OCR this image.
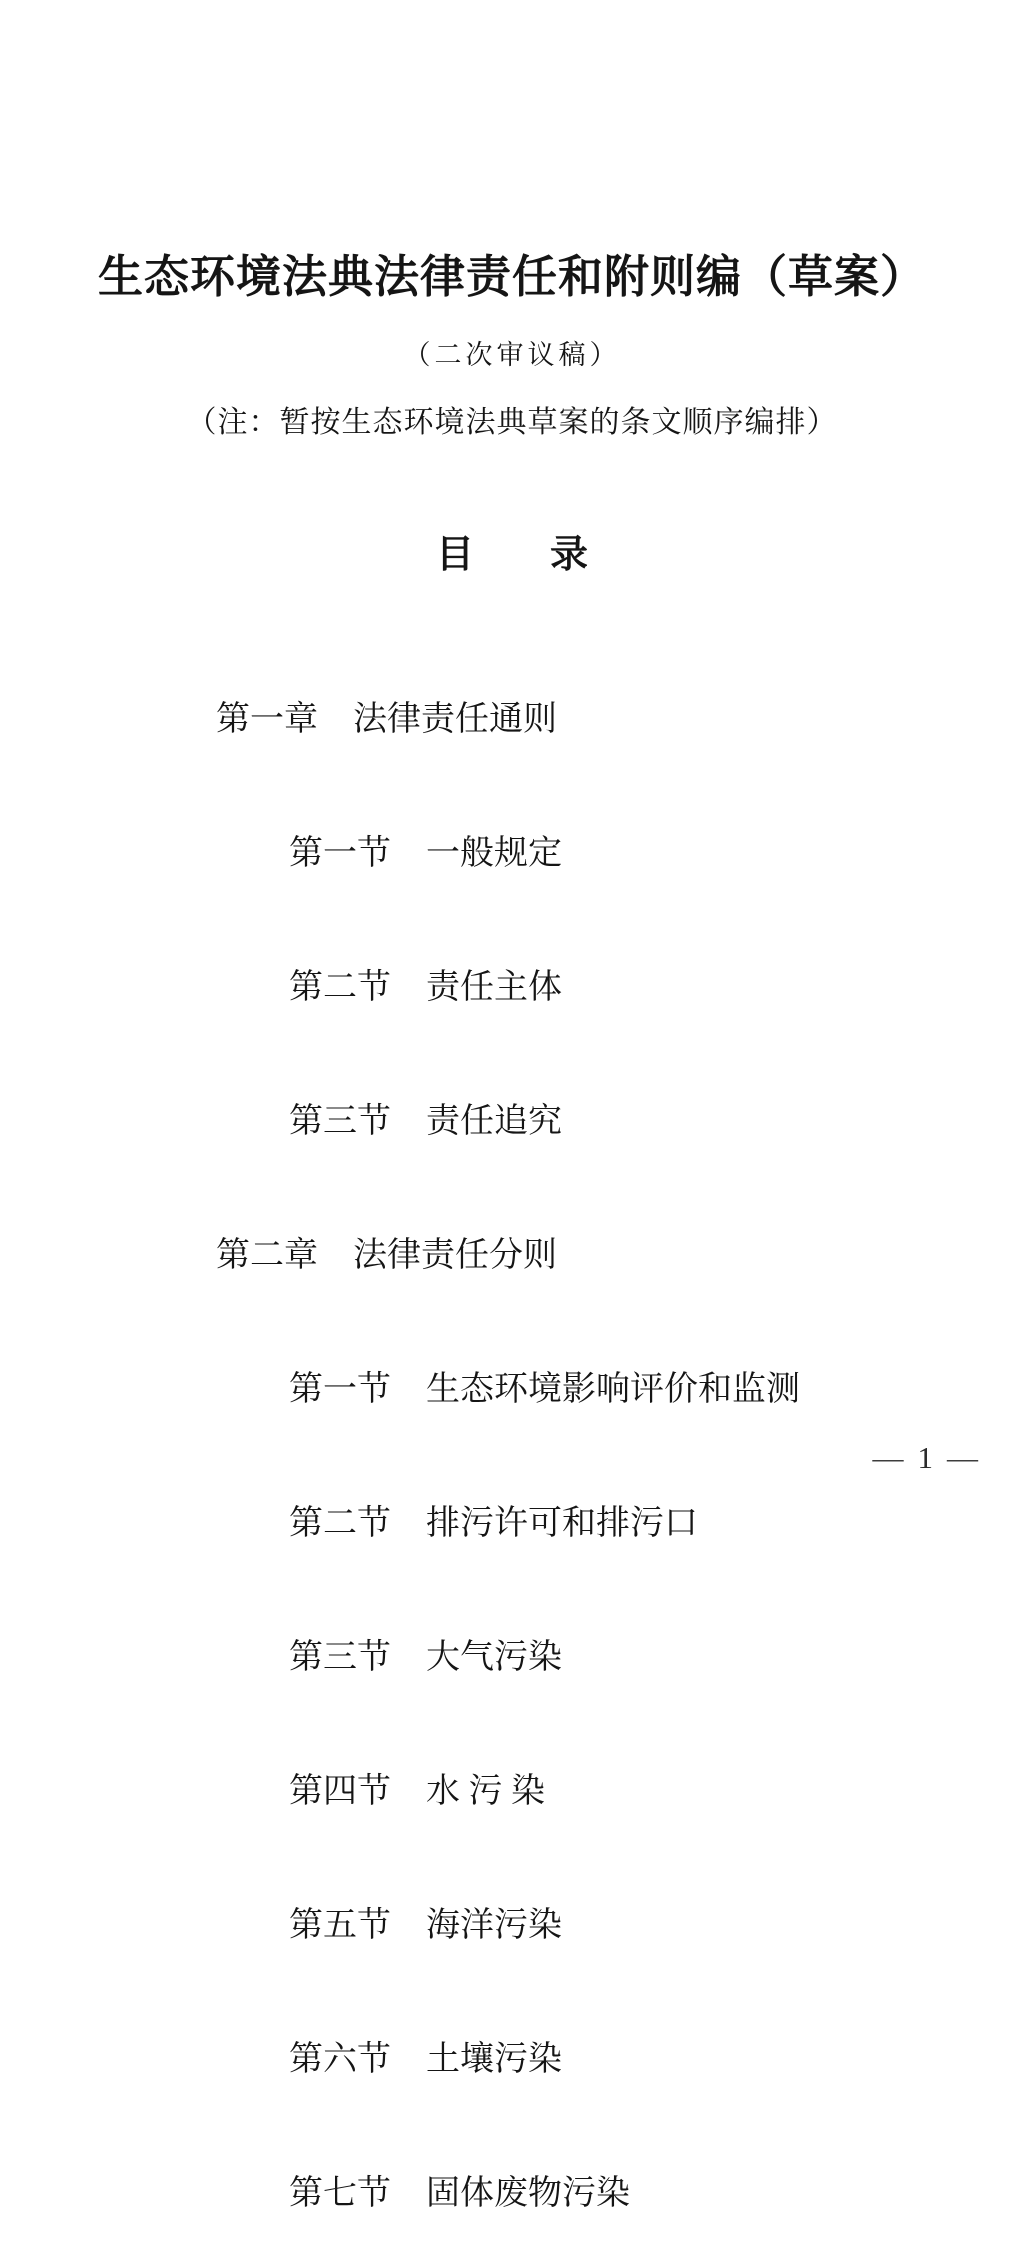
生态环境法典法律责任和附则编（草案）
（二次审议稿）
（注：暂按生态环境法典草案的条文顺序编排）
目　　录

第一章 法律责任通则

第一节 一般规定

第二节 责任主体

第三节 责任追究

第二章 法律责任分则

第一节 生态环境影响评价和监测

第二节 排污许可和排污口

第三节 大气污染

第四节 水 污 染

第五节 海洋污染

第六节 土壤污染

第七节 固体废物污染

— 1 —
